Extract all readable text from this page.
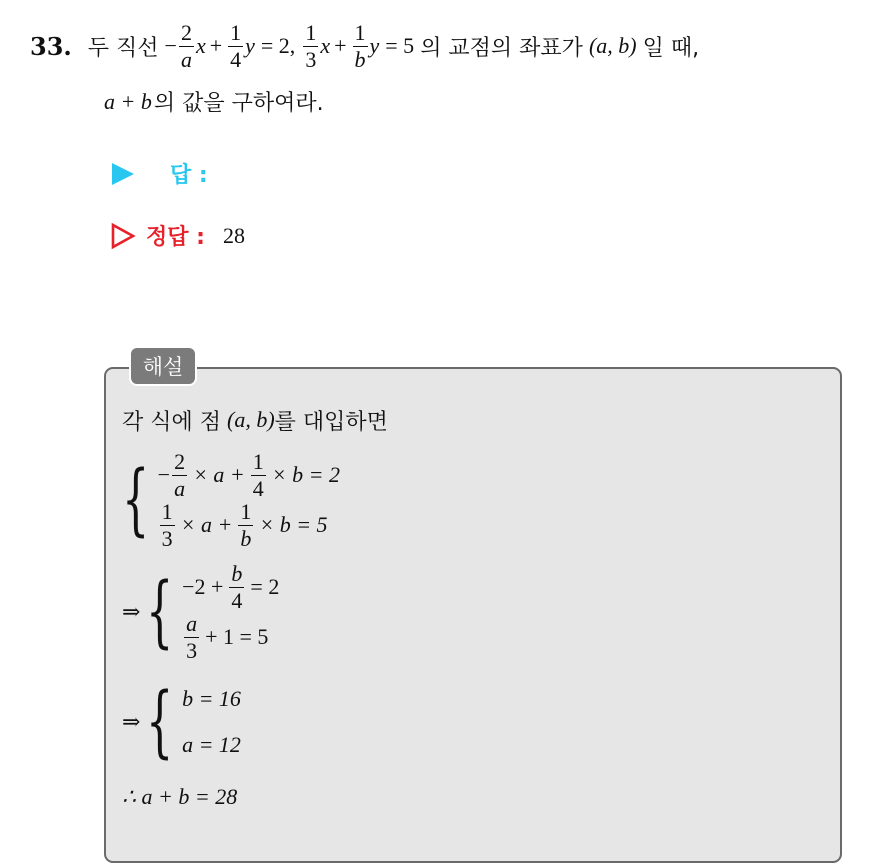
33. 두 직선 − $\frac{2}{a}$ $x + \frac{1}{4}$ y = 2, $\frac{1}{3}$ $x + \frac{1}{b}$ y = 5 의 교점의 좌표가 (a, b) 일 때,
a + b 의 값을 구하여라.
답 :
정답 : 28
해설
각 식에 점 (a, b) 를 대입하면
{ − $\frac{2}{a} \times a + \frac{1}{4} \times b = 2$
$\frac{1}{3} \times a + \frac{1}{b} \times b = 5$
⇒ { $-2 + \frac{b}{4} = 2$
$\frac{a}{3} + 1 = 5$
⇒ { b = 16
a = 12
∴ a + b = 28
